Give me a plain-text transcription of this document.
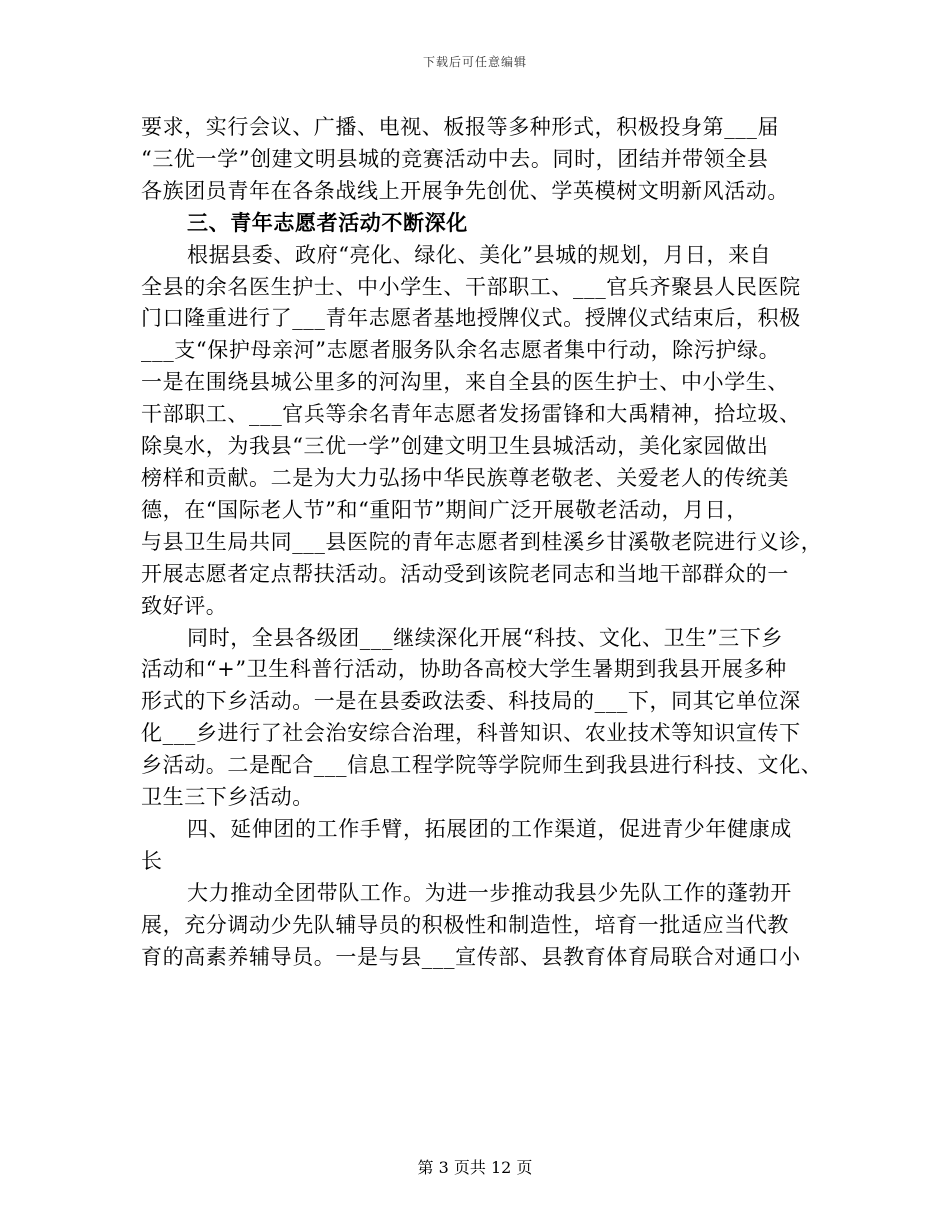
下载后可任意编辑
要求，实行会议、广播、电视、板报等多种形式，积极投身第___届
“三优一学”创建文明县城的竞赛活动中去。同时，团结并带领全县
各族团员青年在各条战线上开展争先创优、学英模树文明新风活动。
三、青年志愿者活动不断深化
根据县委、政府“亮化、绿化、美化”县城的规划，月日，来自
全县的余名医生护士、中小学生、干部职工、___官兵齐聚县人民医院
门口隆重进行了___青年志愿者基地授牌仪式。授牌仪式结束后，积极
___支“保护母亲河”志愿者服务队余名志愿者集中行动，除污护绿。
一是在围绕县城公里多的河沟里，来自全县的医生护士、中小学生、
干部职工、___官兵等余名青年志愿者发扬雷锋和大禹精神，拾垃圾、
除臭水，为我县“三优一学”创建文明卫生县城活动，美化家园做出
榜样和贡献。二是为大力弘扬中华民族尊老敬老、关爱老人的传统美
德，在“国际老人节”和“重阳节”期间广泛开展敬老活动，月日，
与县卫生局共同___县医院的青年志愿者到桂溪乡甘溪敬老院进行义诊，
开展志愿者定点帮扶活动。活动受到该院老同志和当地干部群众的一
致好评。
同时，全县各级团___继续深化开展“科技、文化、卫生”三下乡
活动和“+”卫生科普行活动，协助各高校大学生暑期到我县开展多种
形式的下乡活动。一是在县委政法委、科技局的___下，同其它单位深
化___乡进行了社会治安综合治理，科普知识、农业技术等知识宣传下
乡活动。二是配合___信息工程学院等学院师生到我县进行科技、文化、
卫生三下乡活动。
四、延伸团的工作手臂，拓展团的工作渠道，促进青少年健康成
长
大力推动全团带队工作。为进一步推动我县少先队工作的蓬勃开
展，充分调动少先队辅导员的积极性和制造性，培育一批适应当代教
育的高素养辅导员。一是与县___宣传部、县教育体育局联合对通口小
第 3 页共 12 页
